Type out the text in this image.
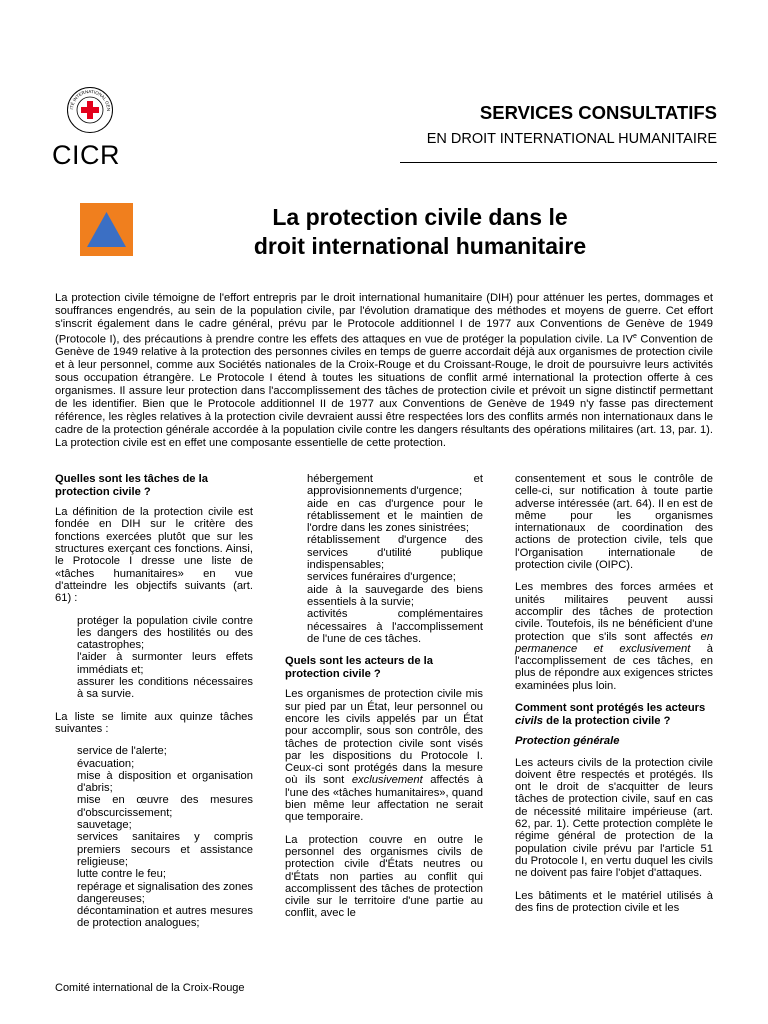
ITÉ INTERNATIONAL GEN
CICR
SERVICES CONSULTATIFS
EN DROIT INTERNATIONAL HUMANITAIRE
La protection civile dans le
droit international humanitaire
La protection civile témoigne de l'effort entrepris par le droit international humanitaire (DIH) pour atténuer les pertes, dommages et souffrances engendrés, au sein de la population civile, par l'évolution dramatique des méthodes et moyens de guerre. Cet effort s'inscrit également dans le cadre général, prévu par le Protocole additionnel I de 1977 aux Conventions de Genève de 1949 (Protocole I), des précautions à prendre contre les effets des attaques en vue de protéger la population civile. La IVe Convention de Genève de 1949 relative à la protection des personnes civiles en temps de guerre accordait déjà aux organismes de protection civile et à leur personnel, comme aux Sociétés nationales de la Croix-Rouge et du Croissant-Rouge, le droit de poursuivre leurs activités sous occupation étrangère. Le Protocole I étend à toutes les situations de conflit armé international la protection offerte à ces organismes. Il assure leur protection dans l'accomplissement des tâches de protection civile et prévoit un signe distinctif permettant de les identifier. Bien que le Protocole additionnel II de 1977 aux Conventions de Genève de 1949 n'y fasse pas directement référence, les règles relatives à la protection civile devraient aussi être respectées lors des conflits armés non internationaux dans le cadre de la protection générale accordée à la population civile contre les dangers résultants des opérations militaires (art. 13, par. 1). La protection civile est en effet une composante essentielle de cette protection.
Quelles sont les tâches de la protection civile ?

La définition de la protection civile est fondée en DIH sur le critère des fonctions exercées plutôt que sur les structures exerçant ces fonctions. Ainsi, le Protocole I dresse une liste de «tâches humanitaires» en vue d'atteindre les objectifs suivants (art. 61) :

protéger la population civile contre les dangers des hostilités ou des catastrophes;
l'aider à surmonter leurs effets immédiats et;
assurer les conditions nécessaires à sa survie.

La liste se limite aux quinze tâches suivantes :

service de l'alerte;
évacuation;
mise à disposition et organisation d'abris;
mise en œuvre des mesures d'obscurcissement;
sauvetage;
services sanitaires y compris premiers secours et assistance religieuse;
lutte contre le feu;
repérage et signalisation des zones dangereuses;
décontamination et autres mesures de protection analogues;
hébergement et approvisionnements d'urgence;
aide en cas d'urgence pour le rétablissement et le maintien de l'ordre dans les zones sinistrées;
rétablissement d'urgence des services d'utilité publique indispensables;
services funéraires d'urgence;
aide à la sauvegarde des biens essentiels à la survie;
activités complémentaires nécessaires à l'accomplissement de l'une de ces tâches.
Quels sont les acteurs de la protection civile ?

Les organismes de protection civile mis sur pied par un État, leur personnel ou encore les civils appelés par un État pour accomplir, sous son contrôle, des tâches de protection civile sont visés par les dispositions du Protocole I. Ceux-ci sont protégés dans la mesure où ils sont exclusivement affectés à l'une des «tâches humanitaires», quand bien même leur affectation ne serait que temporaire.

La protection couvre en outre le personnel des organismes civils de protection civile d'États neutres ou d'États non parties au conflit qui accomplissent des tâches de protection civile sur le territoire d'une partie au conflit, avec le

consentement et sous le contrôle de celle-ci, sur notification à toute partie adverse intéressée (art. 64). Il en est de même pour les organismes internationaux de coordination des actions de protection civile, tels que l'Organisation internationale de protection civile (OIPC).

Les membres des forces armées et unités militaires peuvent aussi accomplir des tâches de protection civile. Toutefois, ils ne bénéficient d'une protection que s'ils sont affectés en permanence et exclusivement à l'accomplissement de ces tâches, en plus de répondre aux exigences strictes examinées plus loin.

Comment sont protégés les acteurs civils de la protection civile ?
Protection générale

Les acteurs civils de la protection civile doivent être respectés et protégés. Ils ont le droit de s'acquitter de leurs tâches de protection civile, sauf en cas de nécessité militaire impérieuse (art. 62, par. 1). Cette protection complète le régime général de protection de la population civile prévu par l'article 51 du Protocole I, en vertu duquel les civils ne doivent pas faire l'objet d'attaques.

Les bâtiments et le matériel utilisés à des fins de protection civile et les

Comité international de la Croix-Rouge
